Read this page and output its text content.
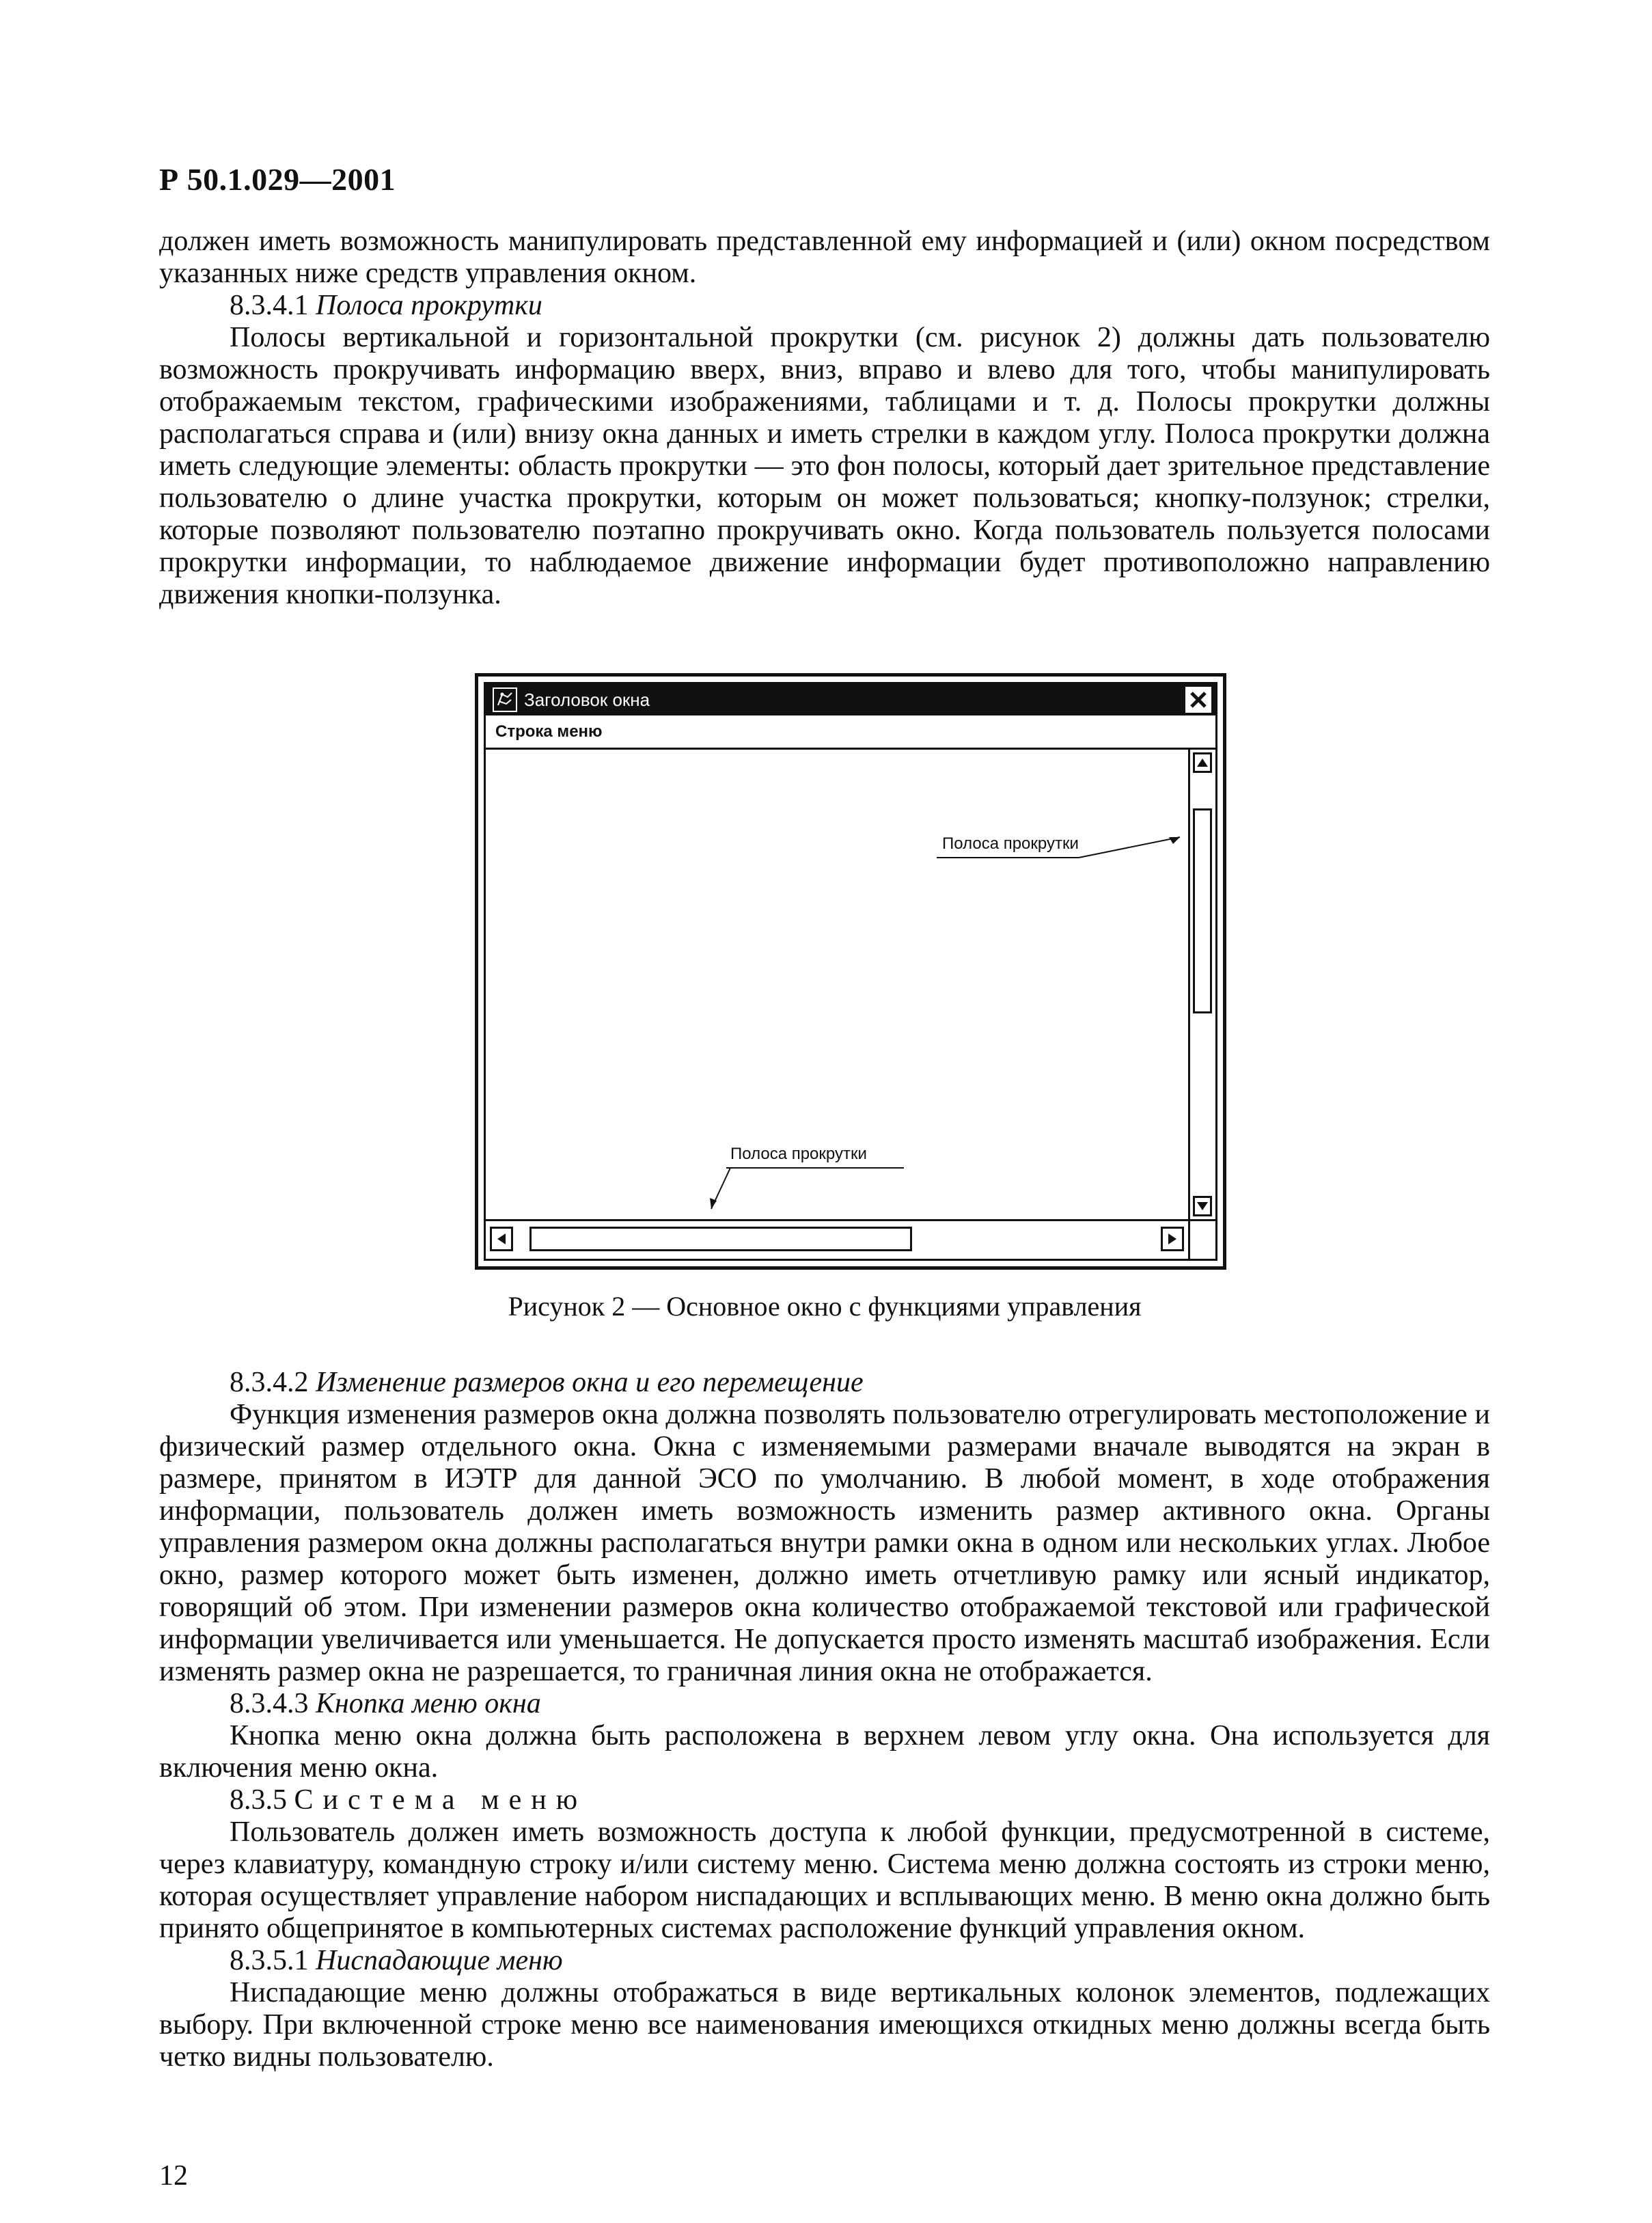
Р 50.1.029—2001

должен иметь возможность манипулировать представленной ему информацией и (или) окном посредством указанных ниже средств управления окном.

8.3.4.1 Полоса прокрутки

Полосы вертикальной и горизонтальной прокрутки (см. рисунок 2) должны дать пользователю возможность прокручивать информацию вверх, вниз, вправо и влево для того, чтобы манипулировать отображаемым текстом, графическими изображениями, таблицами и т. д. Полосы прокрутки должны располагаться справа и (или) внизу окна данных и иметь стрелки в каждом углу. Полоса прокрутки должна иметь следующие элементы: область прокрутки — это фон полосы, который дает зрительное представление пользователю о длине участка прокрутки, которым он может пользоваться; кнопку-ползунок; стрелки, которые позволяют пользователю поэтапно прокручивать окно. Когда пользователь пользуется полосами прокрутки информации, то наблюдаемое движение информации будет противоположно направлению движения кнопки-ползунка.

Заголовок окна
Строка меню
Полоса прокрутки
Полоса прокрутки
Рисунок 2 — Основное окно с функциями управления

8.3.4.2 Изменение размеров окна и его перемещение

Функция изменения размеров окна должна позволять пользователю отрегулировать местоположение и физический размер отдельного окна. Окна с изменяемыми размерами вначале выводятся на экран в размере, принятом в ИЭТР для данной ЭСО по умолчанию. В любой момент, в ходе отображения информации, пользователь должен иметь возможность изменить размер активного окна. Органы управления размером окна должны располагаться внутри рамки окна в одном или нескольких углах. Любое окно, размер которого может быть изменен, должно иметь отчетливую рамку или ясный индикатор, говорящий об этом. При изменении размеров окна количество отображаемой текстовой или графической информации увеличивается или уменьшается. Не допускается просто изменять масштаб изображения. Если изменять размер окна не разрешается, то граничная линия окна не отображается.

8.3.4.3 Кнопка меню окна

Кнопка меню окна должна быть расположена в верхнем левом углу окна. Она используется для включения меню окна.

8.3.5 Система меню

Пользователь должен иметь возможность доступа к любой функции, предусмотренной в системе, через клавиатуру, командную строку и/или систему меню. Система меню должна состоять из строки меню, которая осуществляет управление набором ниспадающих и всплывающих меню. В меню окна должно быть принято общепринятое в компьютерных системах расположение функций управления окном.

8.3.5.1 Ниспадающие меню

Ниспадающие меню должны отображаться в виде вертикальных колонок элементов, подлежащих выбору. При включенной строке меню все наименования имеющихся откидных меню должны всегда быть четко видны пользователю.

12
